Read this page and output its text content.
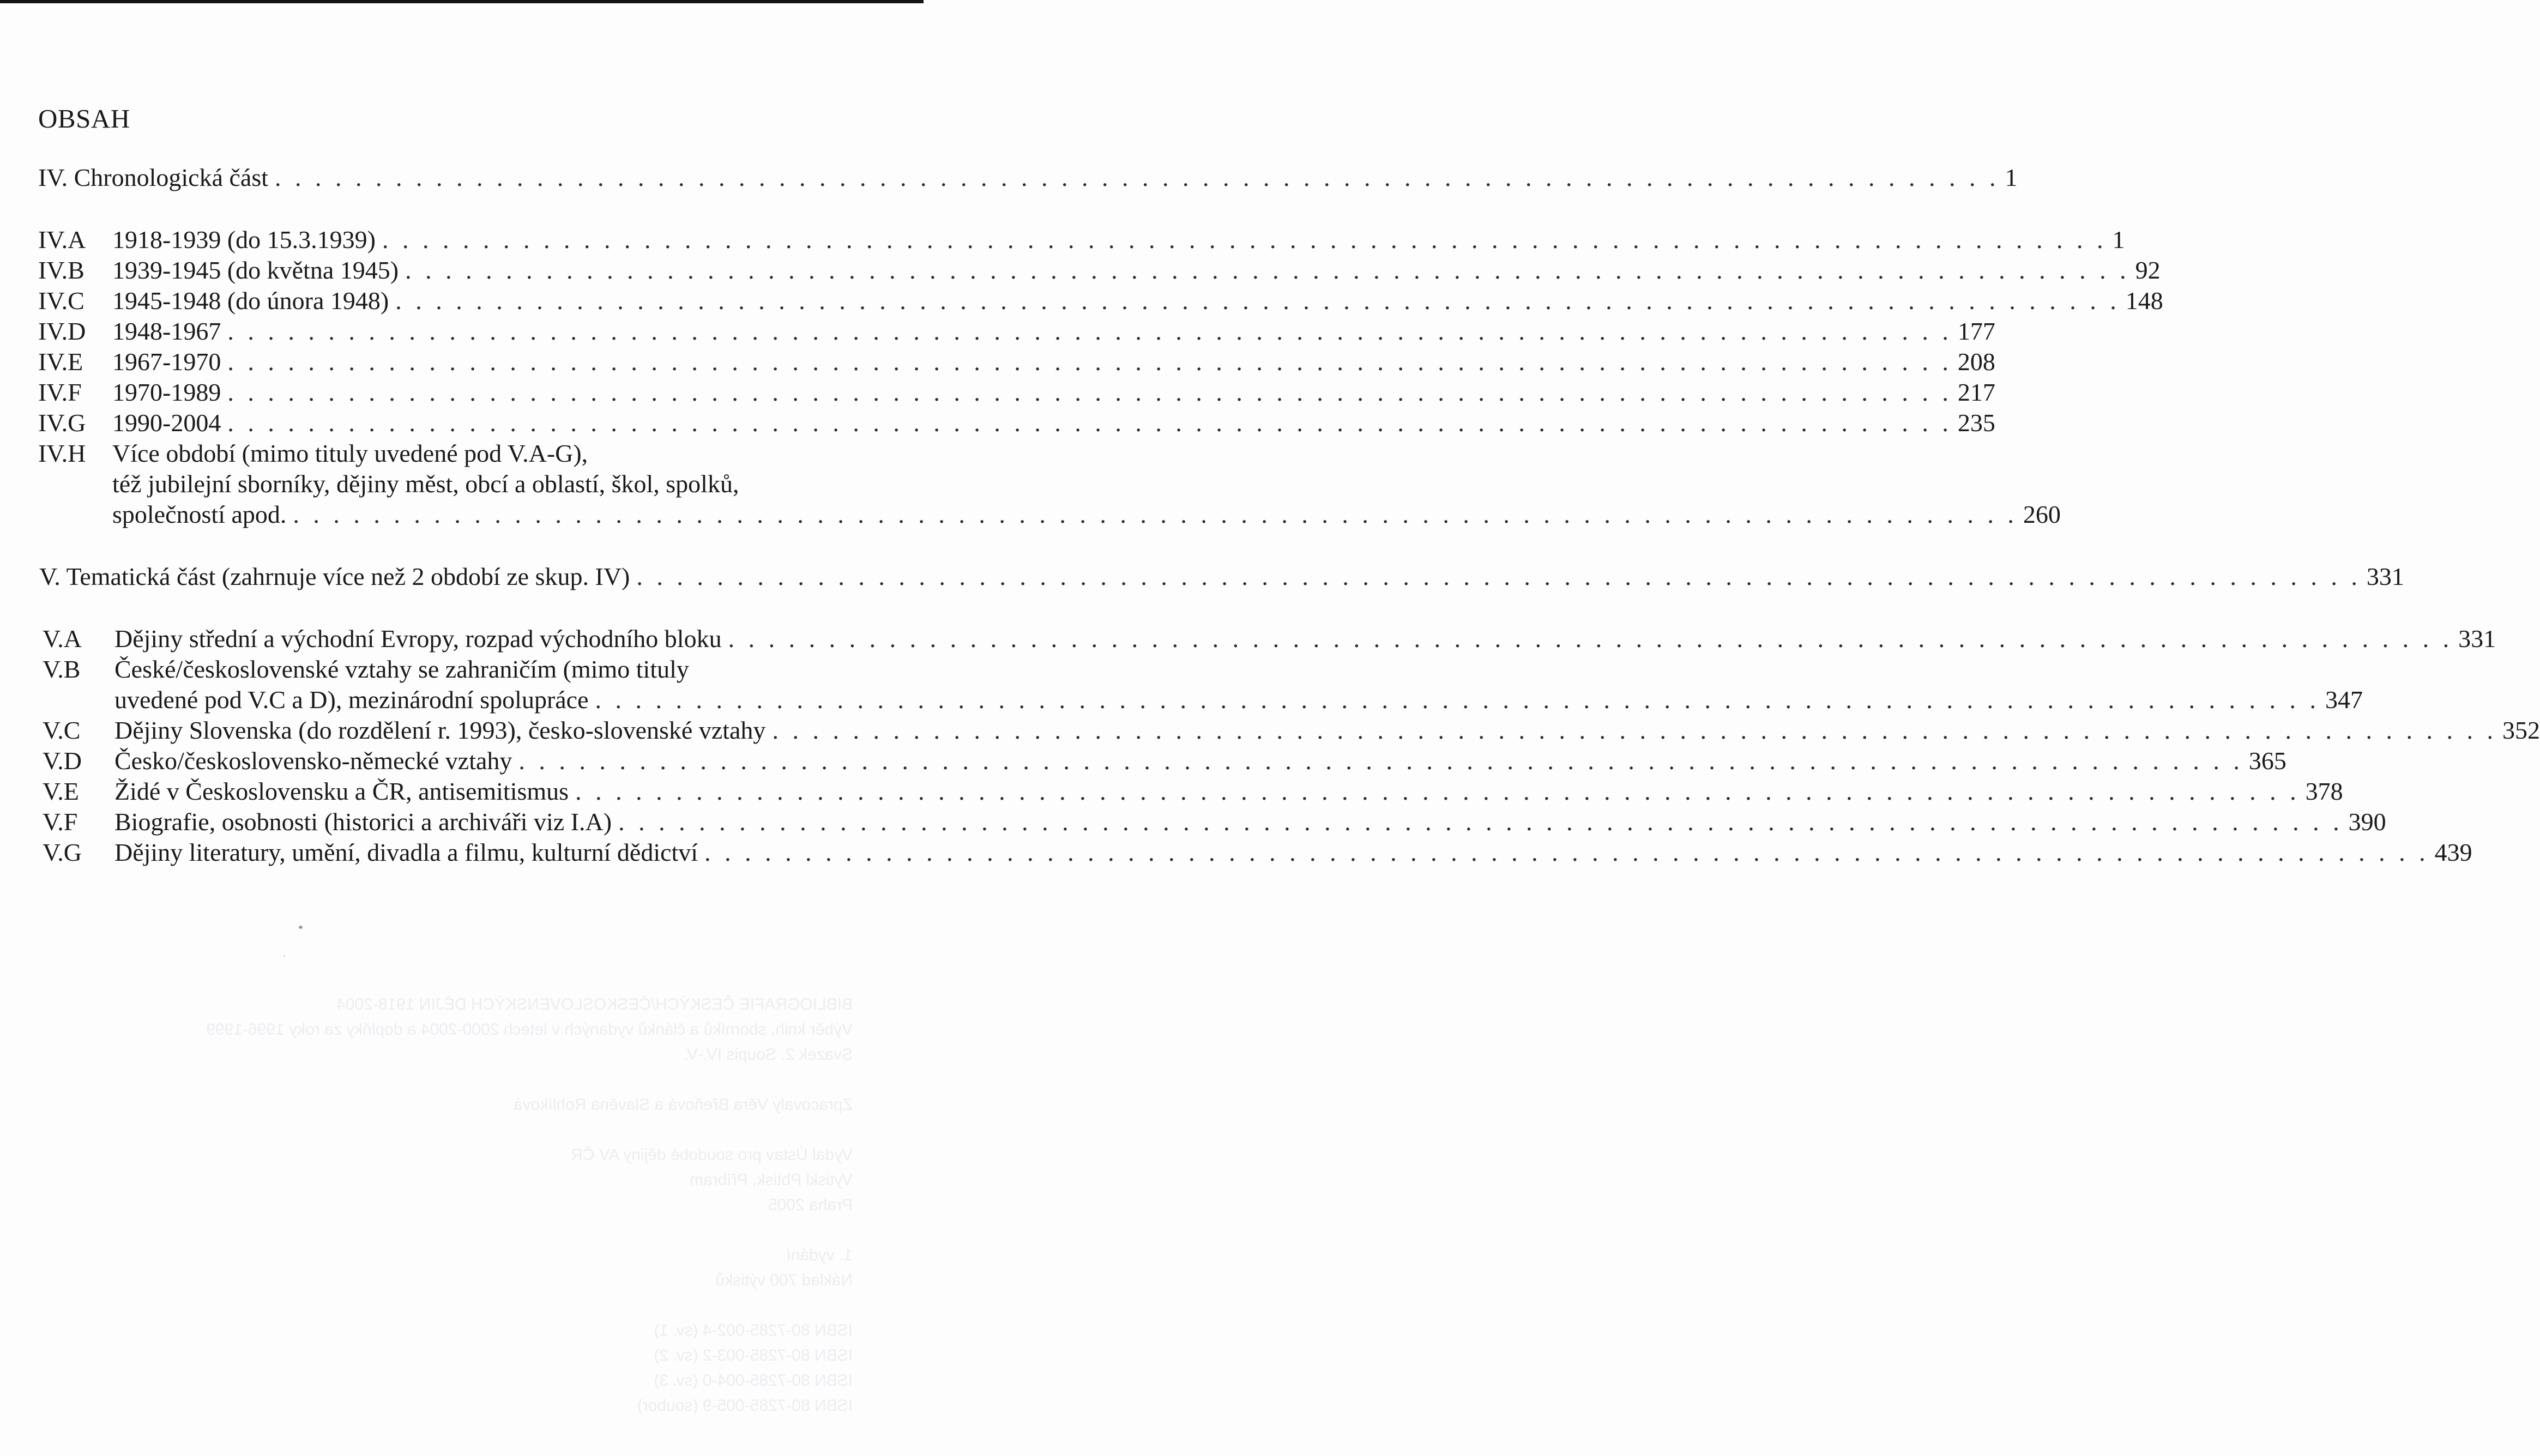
OBSAH
IV. Chronologická část . . . . . . . . . . . . . . . . . . . . . . . . . . . . . . . . . . . . . . . . . . . . . . . . . . . . . . . . . . . . . . . . . . . . . . . . . . . . . . . . . . . . . . 1
IV.A	1918-1939 (do 15.3.1939) . . . . . . . . . . . . . . . . . . . . . . . . . . . . . . . . . . . . . . . . . . . . . . . . . . . . . . . . . . . . . . . . . . . . . . . . . . . . . . . . . . . . . . 1
IV.B	1939-1945 (do května 1945) . . . . . . . . . . . . . . . . . . . . . . . . . . . . . . . . . . . . . . . . . . . . . . . . . . . . . . . . . . . . . . . . . . . . . . . . . . . . . . . . . . . . . . 92
IV.C	1945-1948 (do února 1948) . . . . . . . . . . . . . . . . . . . . . . . . . . . . . . . . . . . . . . . . . . . . . . . . . . . . . . . . . . . . . . . . . . . . . . . . . . . . . . . . . . . . . . 148
IV.D	1948-1967 . . . . . . . . . . . . . . . . . . . . . . . . . . . . . . . . . . . . . . . . . . . . . . . . . . . . . . . . . . . . . . . . . . . . . . . . . . . . . . . . . . . . . . 177
IV.E	1967-1970 . . . . . . . . . . . . . . . . . . . . . . . . . . . . . . . . . . . . . . . . . . . . . . . . . . . . . . . . . . . . . . . . . . . . . . . . . . . . . . . . . . . . . . 208
IV.F	1970-1989 . . . . . . . . . . . . . . . . . . . . . . . . . . . . . . . . . . . . . . . . . . . . . . . . . . . . . . . . . . . . . . . . . . . . . . . . . . . . . . . . . . . . . . 217
IV.G	1990-2004 . . . . . . . . . . . . . . . . . . . . . . . . . . . . . . . . . . . . . . . . . . . . . . . . . . . . . . . . . . . . . . . . . . . . . . . . . . . . . . . . . . . . . . 235
IV.H Více období (mimo tituly uvedené pod V.A-G),
též jubilejní sborníky, dějiny měst, obcí a oblastí, škol, spolků,
společností apod. . . . . . . . . . . . . . . . . . . . . . . . . . . . . . . . . . . . . . . . . . . . . . . . . . . . . . . . . . . . . . . . . . . . . . . . . . . . . . . . . . . . . . . 260
V. Tematická část (zahrnuje více než 2 období ze skup. IV) . . . . . . . . . . . . . . . . . . . . . . . . . . . . . . . . . . . . . . . . . . . . . . . . . . . . . . . . . . . . . . . . . . . . . . . . . . . . . . . . . . . . . . 331
V.A	Dějiny střední a východní Evropy, rozpad východního bloku . . . . . . . . . . . . . . . . . . . . . . . . . . . . . . . . . . . . . . . . . . . . . . . . . . . . . . . . . . . . . . . . . . . . . . . . . . . . . . . . . . . . . . 331
V.B České/československé vztahy se zahraničím (mimo tituly
uvedené pod V.C a D), mezinárodní spolupráce . . . . . . . . . . . . . . . . . . . . . . . . . . . . . . . . . . . . . . . . . . . . . . . . . . . . . . . . . . . . . . . . . . . . . . . . . . . . . . . . . . . . . . 347
V.C	Dějiny Slovenska (do rozdělení r. 1993), česko-slovenské vztahy . . . . . . . . . . . . . . . . . . . . . . . . . . . . . . . . . . . . . . . . . . . . . . . . . . . . . . . . . . . . . . . . . . . . . . . . . . . . . . . . . . . . . . 352
V.D	Česko/československo-německé vztahy . . . . . . . . . . . . . . . . . . . . . . . . . . . . . . . . . . . . . . . . . . . . . . . . . . . . . . . . . . . . . . . . . . . . . . . . . . . . . . . . . . . . . . 365
V.E	Židé v Československu a ČR, antisemitismus . . . . . . . . . . . . . . . . . . . . . . . . . . . . . . . . . . . . . . . . . . . . . . . . . . . . . . . . . . . . . . . . . . . . . . . . . . . . . . . . . . . . . . 378
V.F	Biografie, osobnosti (historici a archiváři viz I.A) . . . . . . . . . . . . . . . . . . . . . . . . . . . . . . . . . . . . . . . . . . . . . . . . . . . . . . . . . . . . . . . . . . . . . . . . . . . . . . . . . . . . . . 390
V.G	Dějiny literatury, umění, divadla a filmu, kulturní dědictví . . . . . . . . . . . . . . . . . . . . . . . . . . . . . . . . . . . . . . . . . . . . . . . . . . . . . . . . . . . . . . . . . . . . . . . . . . . . . . . . . . . . . . 439

BIBLIOGRAFIE ČESKÝCH/ČESKOSLOVENSKÝCH DĚJIN 1918-2004
Výběr knih, sborníků a článků vydaných v letech 2000-2004 a doplňky za roky 1996-1999
Svazek 2. Soupis IV.-V.

Zpracovaly Věra Břeňová a Slavěna Rohlíková

Vydal Ústav pro soudobé dějiny AV ČR
Vytiskl Pbtisk, Příbram
Praha 2005

1. vydání
Náklad 700 výtisků

ISBN 80-7285-002-4 (sv. 1)
ISBN 80-7285-003-2 (sv. 2)
ISBN 80-7285-004-0 (sv. 3)
ISBN 80-7285-005-9 (soubor)
